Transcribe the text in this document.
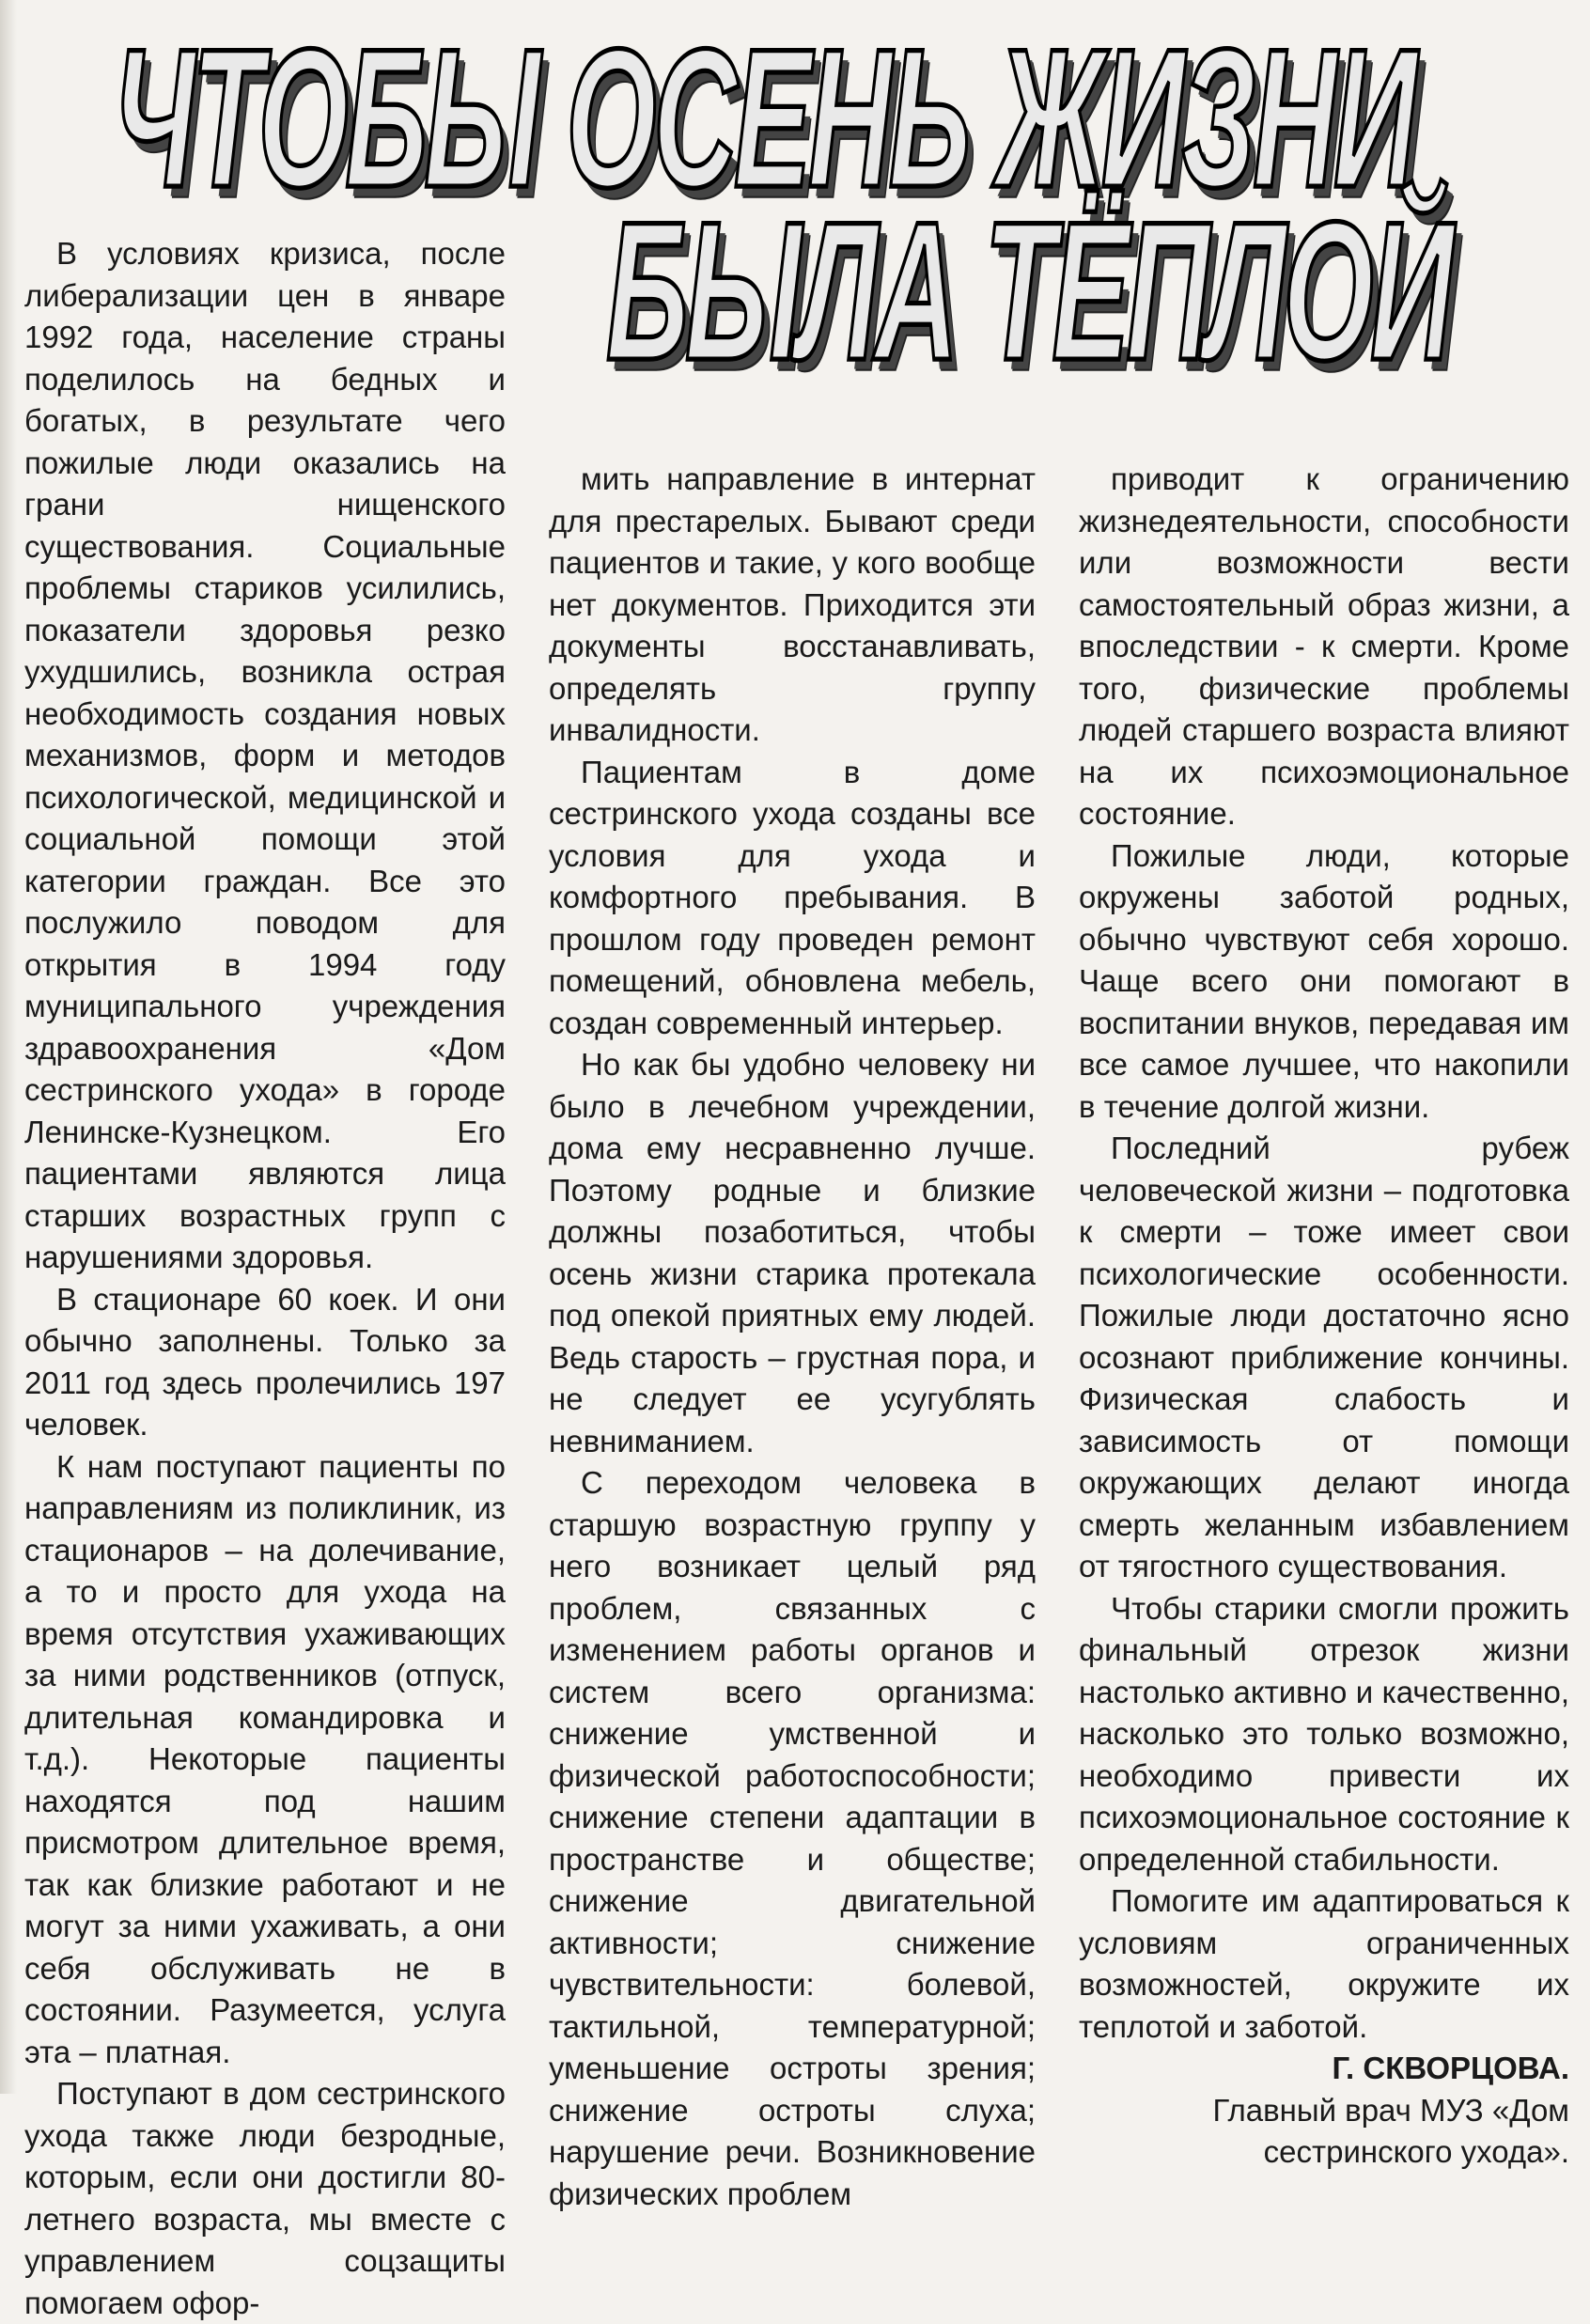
ЧТОБЫ ОСЕНЬ ЖИЗНИ
БЫЛА ТЁПЛОЙ

В условиях кризиса, после либерализации цен в январе 1992 года, население страны поделилось на бедных и богатых, в результате чего пожилые люди оказались на грани нищенского существования. Социальные проблемы стариков усилились, показатели здоровья резко ухудшились, возникла острая необходимость создания новых механизмов, форм и методов психологической, медицинской и социальной помощи этой категории граждан. Все это послужило поводом для открытия в 1994 году муниципального учреждения здравоохранения «Дом сестринского ухода» в городе Ленинске-Кузнецком. Его пациентами являются лица старших возрастных групп с нарушениями здоровья.

В стационаре 60 коек. И они обычно заполнены. Только за 2011 год здесь пролечились 197 человек.

К нам поступают пациенты по направлениям из поликлиник, из стационаров – на долечивание, а то и просто для ухода на время отсутствия ухаживающих за ними родственников (отпуск, длительная командировка и т.д.). Некоторые пациенты находятся под нашим присмотром длительное время, так как близкие работают и не могут за ними ухаживать, а они себя обслуживать не в состоянии. Разумеется, услуга эта – платная.

Поступают в дом сестринского ухода также люди безродные, которым, если они достигли 80-летнего возраста, мы вместе с управлением соцзащиты помогаем офор-

мить направление в интернат для престарелых. Бывают среди пациентов и такие, у кого вообще нет документов. Приходится эти документы восстанавливать, определять группу инвалидности.

Пациентам в доме сестринского ухода созданы все условия для ухода и комфортного пребывания. В прошлом году проведен ремонт помещений, обновлена мебель, создан современный интерьер.

Но как бы удобно человеку ни было в лечебном учреждении, дома ему несравненно лучше. Поэтому родные и близкие должны позаботиться, чтобы осень жизни старика протекала под опекой приятных ему людей. Ведь старость – грустная пора, и не следует ее усугублять невниманием.

С переходом человека в старшую возрастную группу у него возникает целый ряд проблем, связанных с изменением работы органов и систем всего организма: снижение умственной и физической работоспособности; снижение степени адаптации в пространстве и обществе; снижение двигательной активности; снижение чувствительности: болевой, тактильной, температурной; уменьшение остроты зрения; снижение остроты слуха; нарушение речи. Возникновение физических проблем

приводит к ограничению жизнедеятельности, способности или возможности вести самостоятельный образ жизни, а впоследствии - к смерти. Кроме того, физические проблемы людей старшего возраста влияют на их психоэмоциональное состояние.

Пожилые люди, которые окружены заботой родных, обычно чувствуют себя хорошо. Чаще всего они помогают в воспитании внуков, передавая им все самое лучшее, что накопили в течение долгой жизни.

Последний рубеж человеческой жизни – подготовка к смерти – тоже имеет свои психологические особенности. Пожилые люди достаточно ясно осознают приближение кончины. Физическая слабость и зависимость от помощи окружающих делают иногда смерть желанным избавлением от тягостного существования.

Чтобы старики смогли прожить финальный отрезок жизни настолько активно и качественно, насколько это только возможно, необходимо привести их психоэмоциональное состояние к определенной стабильности.

Помогите им адаптироваться к условиям ограниченных возможностей, окружите их теплотой и заботой.

Г. СКВОРЦОВА.

Главный врач МУЗ «Дом сестринского ухода».
